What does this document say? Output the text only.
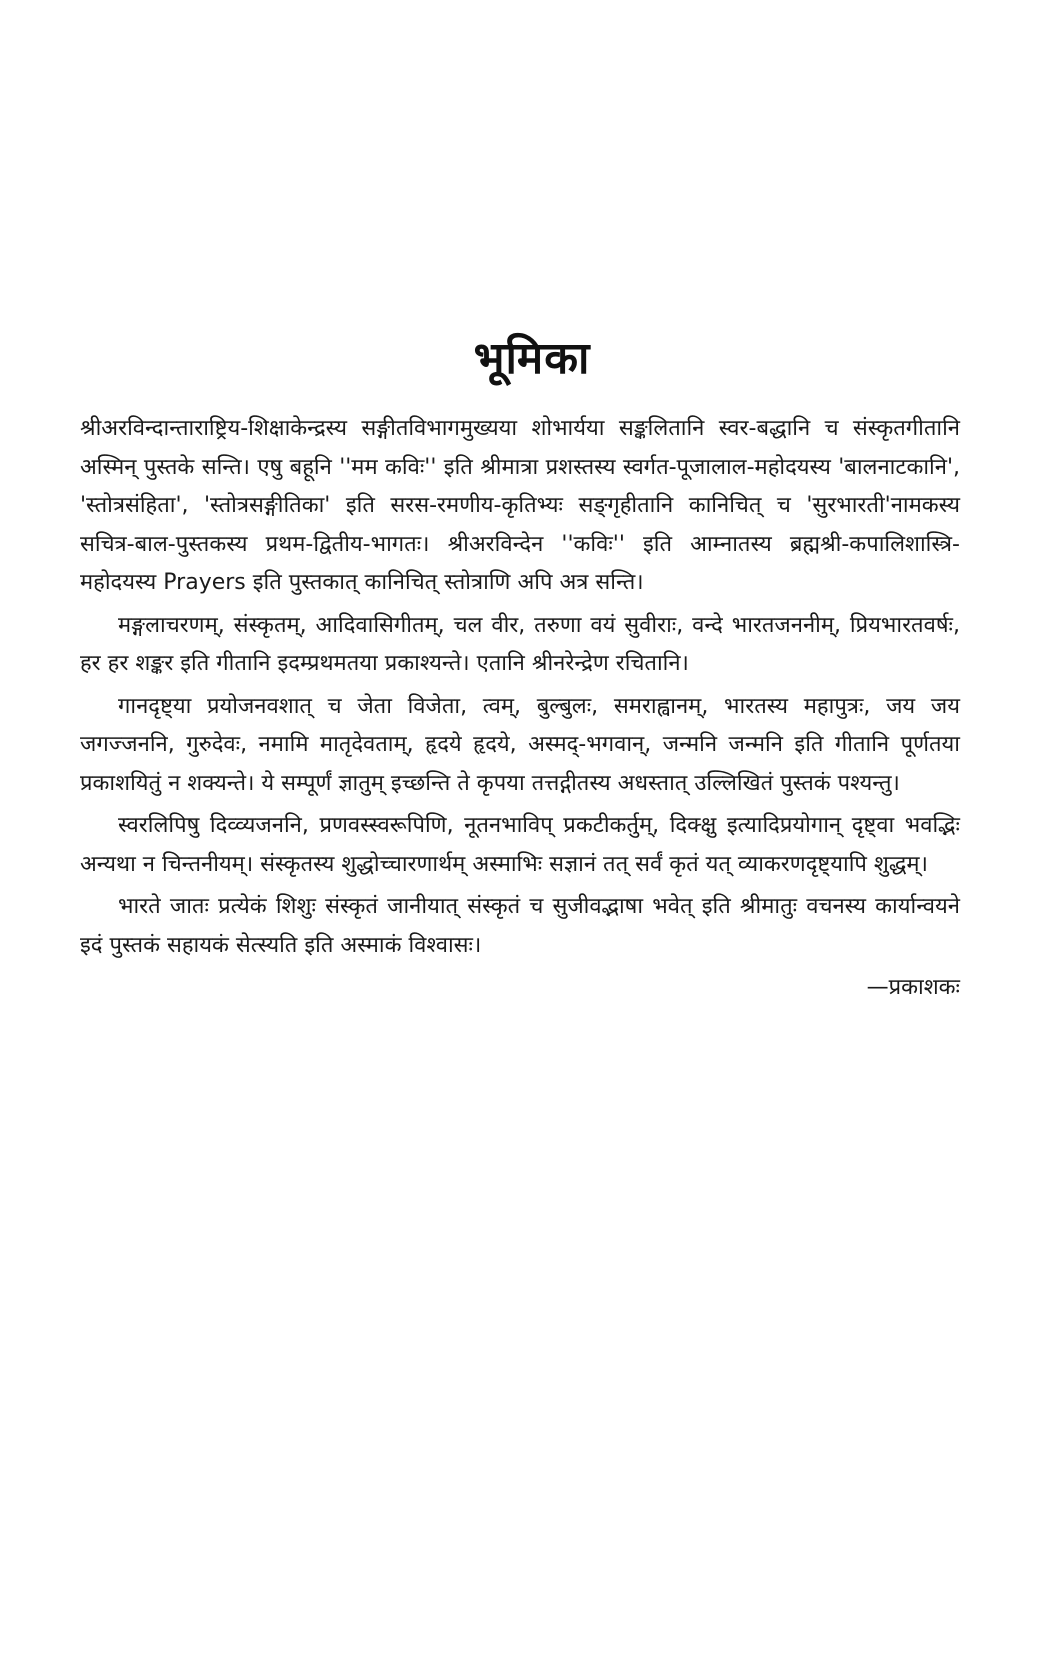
भूमिका

श्रीअरविन्दान्ताराष्ट्रिय-शिक्षाकेन्द्रस्य सङ्गीतविभागमुख्यया शोभार्यया सङ्कलितानि स्वर-बद्धानि च संस्कृतगीतानि अस्मिन् पुस्तके सन्ति। एषु बहूनि ''मम कविः'' इति श्रीमात्रा प्रशस्तस्य स्वर्गत-पूजालाल-महोदयस्य 'बालनाटकानि', 'स्तोत्रसंहिता', 'स्तोत्रसङ्गीतिका' इति सरस-रमणीय-कृतिभ्यः सङ्गृहीतानि कानिचित् च 'सुरभारती'नामकस्य सचित्र-बाल-पुस्तकस्य प्रथम-द्वितीय-भागतः। श्रीअरविन्देन ''कविः'' इति आम्नातस्य ब्रह्मश्री-कपालिशास्त्रि-महोदयस्य Prayers इति पुस्तकात् कानिचित् स्तोत्राणि अपि अत्र सन्ति।

मङ्गलाचरणम्, संस्कृतम्, आदिवासिगीतम्, चल वीर, तरुणा वयं सुवीराः, वन्दे भारतजननीम्, प्रियभारतवर्षः, हर हर शङ्कर इति गीतानि इदम्प्रथमतया प्रकाश्यन्ते। एतानि श्रीनरेन्द्रेण रचितानि।

गानदृष्ट्या प्रयोजनवशात् च जेता विजेता, त्वम्, बुल्बुलः, समराह्वानम्, भारतस्य महापुत्रः, जय जय जगज्जननि, गुरुदेवः, नमामि मातृदेवताम्, हृदये हृदये, अस्मद्-भगवान्, जन्मनि जन्मनि इति गीतानि पूर्णतया प्रकाशयितुं न शक्यन्ते। ये सम्पूर्णं ज्ञातुम् इच्छन्ति ते कृपया तत्तद्गीतस्य अधस्तात् उल्लिखितं पुस्तकं पश्यन्तु।

स्वरलिपिषु दिव्व्यजननि, प्रणवस्स्वरूपिणि, नूतनभाविप् प्रकटीकर्तुम्, दिक्क्षु इत्यादिप्रयोगान् दृष्ट्वा भवद्भिः अन्यथा न चिन्तनीयम्। संस्कृतस्य शुद्धोच्चारणार्थम् अस्माभिः सज्ञानं तत् सर्वं कृतं यत् व्याकरणदृष्ट्यापि शुद्धम्।

भारते जातः प्रत्येकं शिशुः संस्कृतं जानीयात् संस्कृतं च सुजीवद्भाषा भवेत् इति श्रीमातुः वचनस्य कार्यान्वयने इदं पुस्तकं सहायकं सेत्स्यति इति अस्माकं विश्वासः।

—प्रकाशकः
